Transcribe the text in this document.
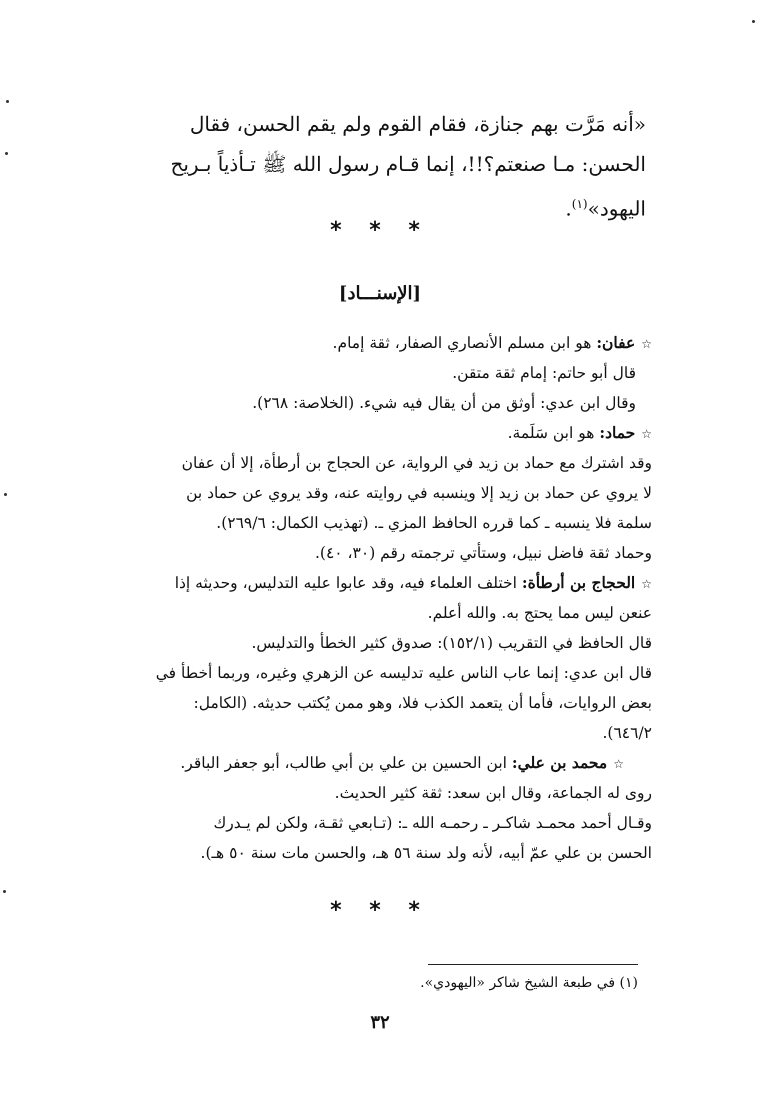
«أنه مَرَّت بهم جنازة، فقام القوم ولم يقم الحسن، فقال
الحسن: مـا صنعتم؟!!، إنما قـام رسول الله ﷺ تـأذياً بـريح
اليهود»$^{(١)}$.
* * *
[الإسنـــاد]
☆عفان: هو ابن مسلم الأنصاري الصفار، ثقة إمام.
قال أبو حاتم: إمام ثقة متقن.
وقال ابن عدي: أوثق من أن يقال فيه شيء. (الخلاصة: ٢٦٨).
☆حماد: هو ابن سَلَمة.
وقد اشترك مع حماد بن زيد في الرواية، عن الحجاج بن أرطأة، إلا أن عفان
لا يروي عن حماد بن زيد إلا وينسبه في روايته عنه، وقد يروي عن حماد بن
سلمة فلا ينسبه ـ كما قرره الحافظ المزي ـ. (تهذيب الكمال: ٢٦٩/٦).
وحماد ثقة فاضل نبيل، وستأتي ترجمته رقم (٣٠، ٤٠).
☆الحجاج بن أرطأة: اختلف العلماء فيه، وقد عابوا عليه التدليس، وحديثه إذا
عنعن ليس مما يحتج به. والله أعلم.
قال الحافظ في التقريب (١٥٢/١): صدوق كثير الخطأ والتدليس.
قال ابن عدي: إنما عاب الناس عليه تدليسه عن الزهري وغيره، وربما أخطأ في
بعض الروايات، فأما أن يتعمد الكذب فلا، وهو ممن يُكتب حديثه. (الكامل:
٦٤٦/٢).
☆محمد بن علي: ابن الحسين بن علي بن أبي طالب، أبو جعفر الباقر.
روى له الجماعة، وقال ابن سعد: ثقة كثير الحديث.
وقـال أحمد محمـد شاكـر ـ رحمـه الله ـ: (تـابعي ثقـة، ولكن لم يـدرك
الحسن بن علي عمّ أبيه، لأنه ولد سنة ٥٦ هـ، والحسن مات سنة ٥٠ هـ).
* * *
(١) في طبعة الشيخ شاكر «اليهودي».
٣٢
